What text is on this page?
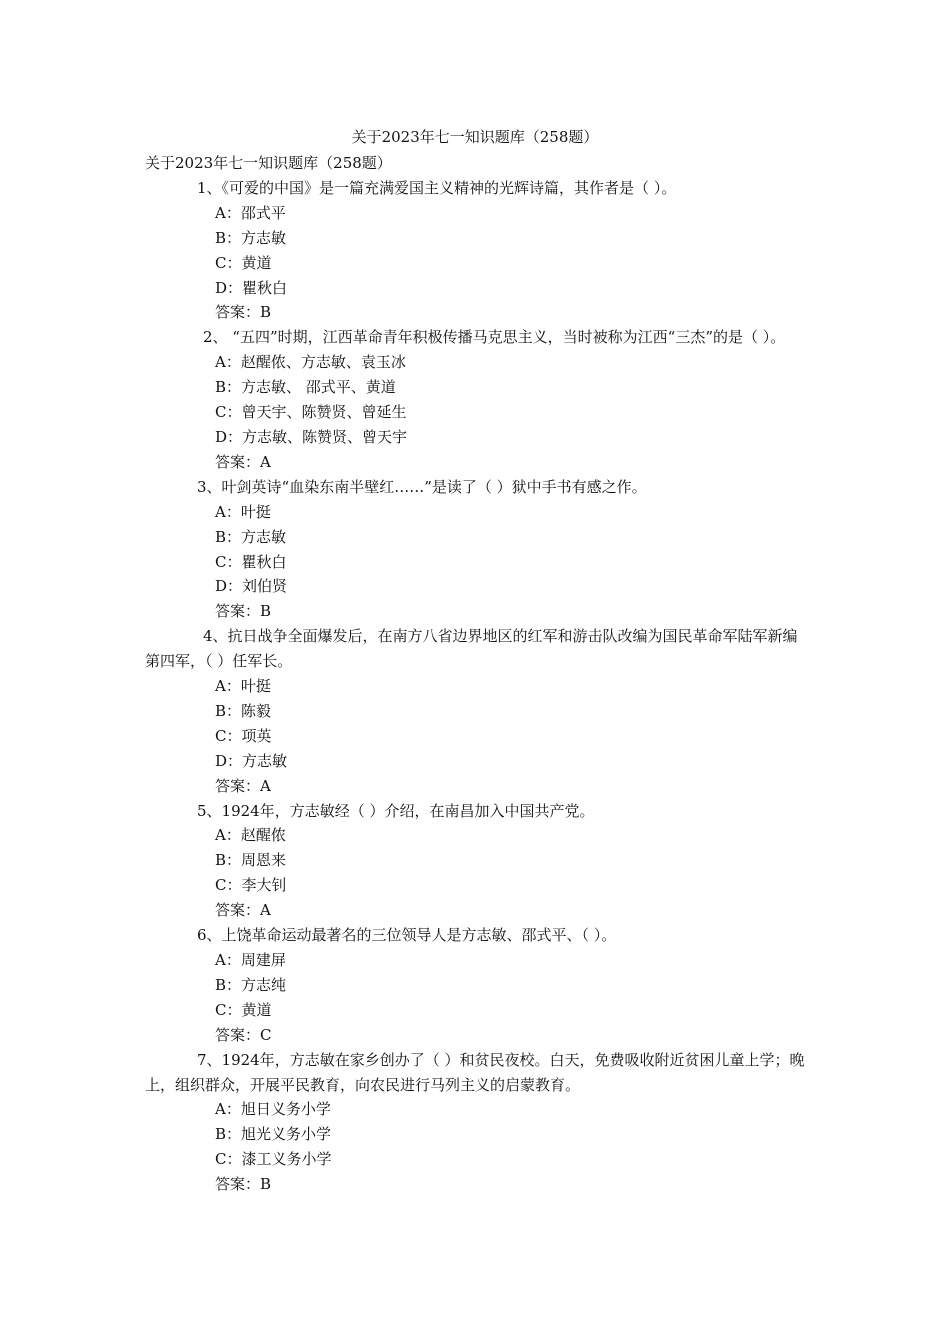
关于2023年七一知识题库（258题）
关于2023年七一知识题库（258题）
1、《可爱的中国》是一篇充满爱国主义精神的光辉诗篇，其作者是（ ）。
A：邵式平
B：方志敏
C：黄道
D：瞿秋白
答案：B
2、 “五四”时期，江西革命青年积极传播马克思主义，当时被称为江西“三杰”的是（ ）。
A：赵醒侬、方志敏、袁玉冰
B：方志敏、 邵式平、黄道
C：曾天宇、陈赞贤、曾延生
D：方志敏、陈赞贤、曾天宇
答案：A
3、叶剑英诗“血染东南半壁红……”是读了（ ）狱中手书有感之作。
A：叶挺
B：方志敏
C：瞿秋白
D：刘伯贤
答案：B
4、抗日战争全面爆发后，在南方八省边界地区的红军和游击队改编为国民革命军陆军新编第四军，（ ）任军长。
A：叶挺
B：陈毅
C：项英
D：方志敏
答案：A
5、1924年，方志敏经（ ）介绍，在南昌加入中国共产党。
A：赵醒侬
B：周恩来
C：李大钊
答案：A
6、上饶革命运动最著名的三位领导人是方志敏、邵式平、（ ）。
A：周建屏
B：方志纯
C：黄道
答案：C
7、1924年，方志敏在家乡创办了（ ）和贫民夜校。白天，免费吸收附近贫困儿童上学；晚上，组织群众，开展平民教育，向农民进行马列主义的启蒙教育。
A：旭日义务小学
B：旭光义务小学
C：漆工义务小学
答案：B
